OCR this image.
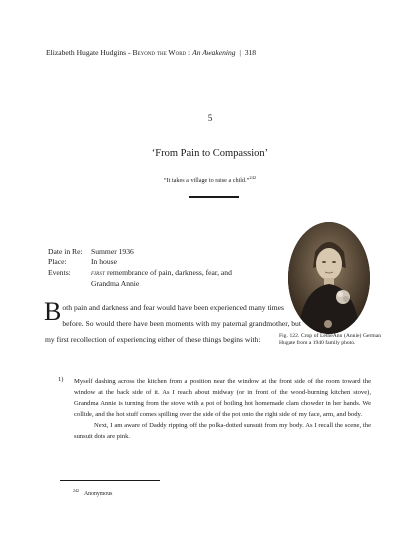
Elizabeth Hugate Hudgins - Beyond the Word : An Awakening  |  318
5
‘From Pain to Compassion’
“It takes a village to raise a child.”$^{242}$
Date in Re: Summer 1936
Place:	In house
Events:	first remembrance of pain, darkness, fear, and
Grandma Annie
Fig. 122. Crop of LetheAnn (Annie) German Hugate from a 1940 family photo.
Both pain and darkness and fear would have been experienced many times before. So would there have been moments with my paternal grandmother, but my first recollection of experiencing either of these things begins with:
1) Myself dashing across the kitchen from a position near the window at the front side of the room toward the window at the back side of it. As I reach about midway (or in front of the wood-burning kitchen stove), Grandma Annie is turning from the stove with a pot of boiling hot homemade clam chowder in her hands. We collide, and the hot stuff comes spilling over the side of the pot onto the right side of my face, arm, and body.

Next, I am aware of Daddy ripping off the polka-dotted sunsuit from my body. As I recall the scene, the sunsuit dots are pink.

$^{242}$Anonymous
